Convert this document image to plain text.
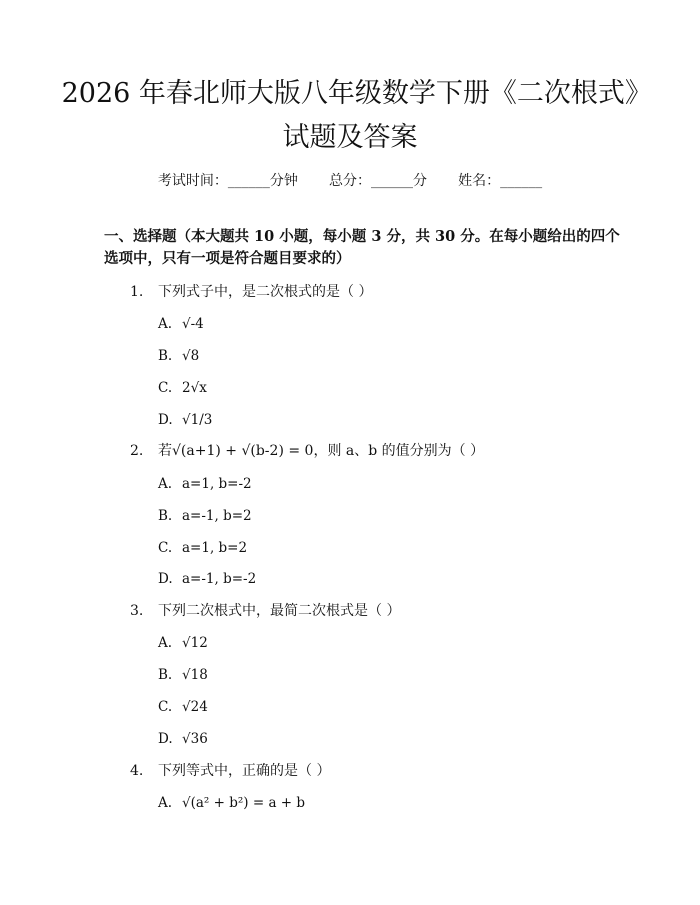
2026 年春北师大版八年级数学下册《二次根式》试题及答案
考试时间：______分钟 总分：______分 姓名：______
一、选择题（本大题共 10 小题，每小题 3 分，共 30 分。在每小题给出的四个选项中，只有一项是符合题目要求的）
1. 下列式子中，是二次根式的是（ ）
A. √-4
B. √8
C. 2√x
D. √1/3
2. 若√(a+1) + √(b-2) = 0，则 a、b 的值分别为（ ）
A. a=1, b=-2
B. a=-1, b=2
C. a=1, b=2
D. a=-1, b=-2
3. 下列二次根式中，最简二次根式是（ ）
A. √12
B. √18
C. √24
D. √36
4. 下列等式中，正确的是（ ）
A. √(a² + b²) = a + b
